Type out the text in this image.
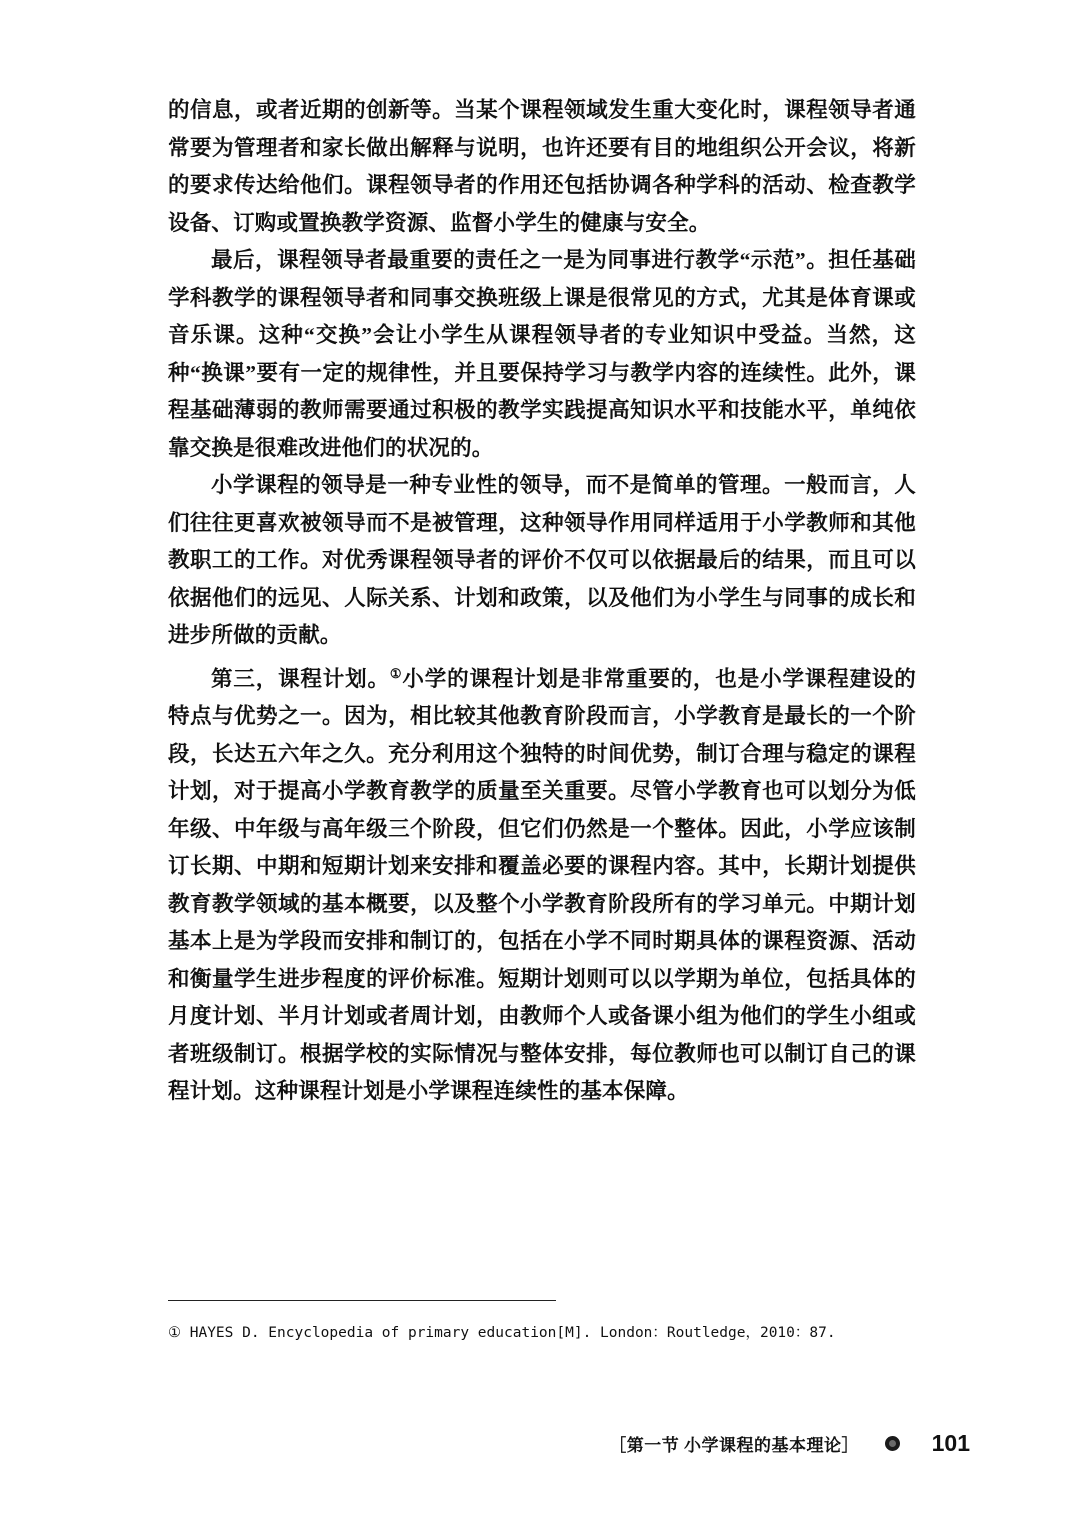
的信息，或者近期的创新等。当某个课程领域发生重大变化时，课程领导者通常要为管理者和家长做出解释与说明，也许还要有目的地组织公开会议，将新的要求传达给他们。课程领导者的作用还包括协调各种学科的活动、检查教学设备、订购或置换教学资源、监督小学生的健康与安全。

最后，课程领导者最重要的责任之一是为同事进行教学“示范”。担任基础学科教学的课程领导者和同事交换班级上课是很常见的方式，尤其是体育课或音乐课。这种“交换”会让小学生从课程领导者的专业知识中受益。当然，这种“换课”要有一定的规律性，并且要保持学习与教学内容的连续性。此外，课程基础薄弱的教师需要通过积极的教学实践提高知识水平和技能水平，单纯依靠交换是很难改进他们的状况的。

小学课程的领导是一种专业性的领导，而不是简单的管理。一般而言，人们往往更喜欢被领导而不是被管理，这种领导作用同样适用于小学教师和其他教职工的工作。对优秀课程领导者的评价不仅可以依据最后的结果，而且可以依据他们的远见、人际关系、计划和政策，以及他们为小学生与同事的成长和进步所做的贡献。

第三，课程计划。①小学的课程计划是非常重要的，也是小学课程建设的特点与优势之一。因为，相比较其他教育阶段而言，小学教育是最长的一个阶段，长达五六年之久。充分利用这个独特的时间优势，制订合理与稳定的课程计划，对于提高小学教育教学的质量至关重要。尽管小学教育也可以划分为低年级、中年级与高年级三个阶段，但它们仍然是一个整体。因此，小学应该制订长期、中期和短期计划来安排和覆盖必要的课程内容。其中，长期计划提供教育教学领域的基本概要，以及整个小学教育阶段所有的学习单元。中期计划基本上是为学段而安排和制订的，包括在小学不同时期具体的课程资源、活动和衡量学生进步程度的评价标准。短期计划则可以以学期为单位，包括具体的月度计划、半月计划或者周计划，由教师个人或备课小组为他们的学生小组或者班级制订。根据学校的实际情况与整体安排，每位教师也可以制订自己的课程计划。这种课程计划是小学课程连续性的基本保障。

① HAYES D. Encyclopedia of primary education[M]. London：Routledge，2010：87.
［第一节 小学课程的基本理论］	101
